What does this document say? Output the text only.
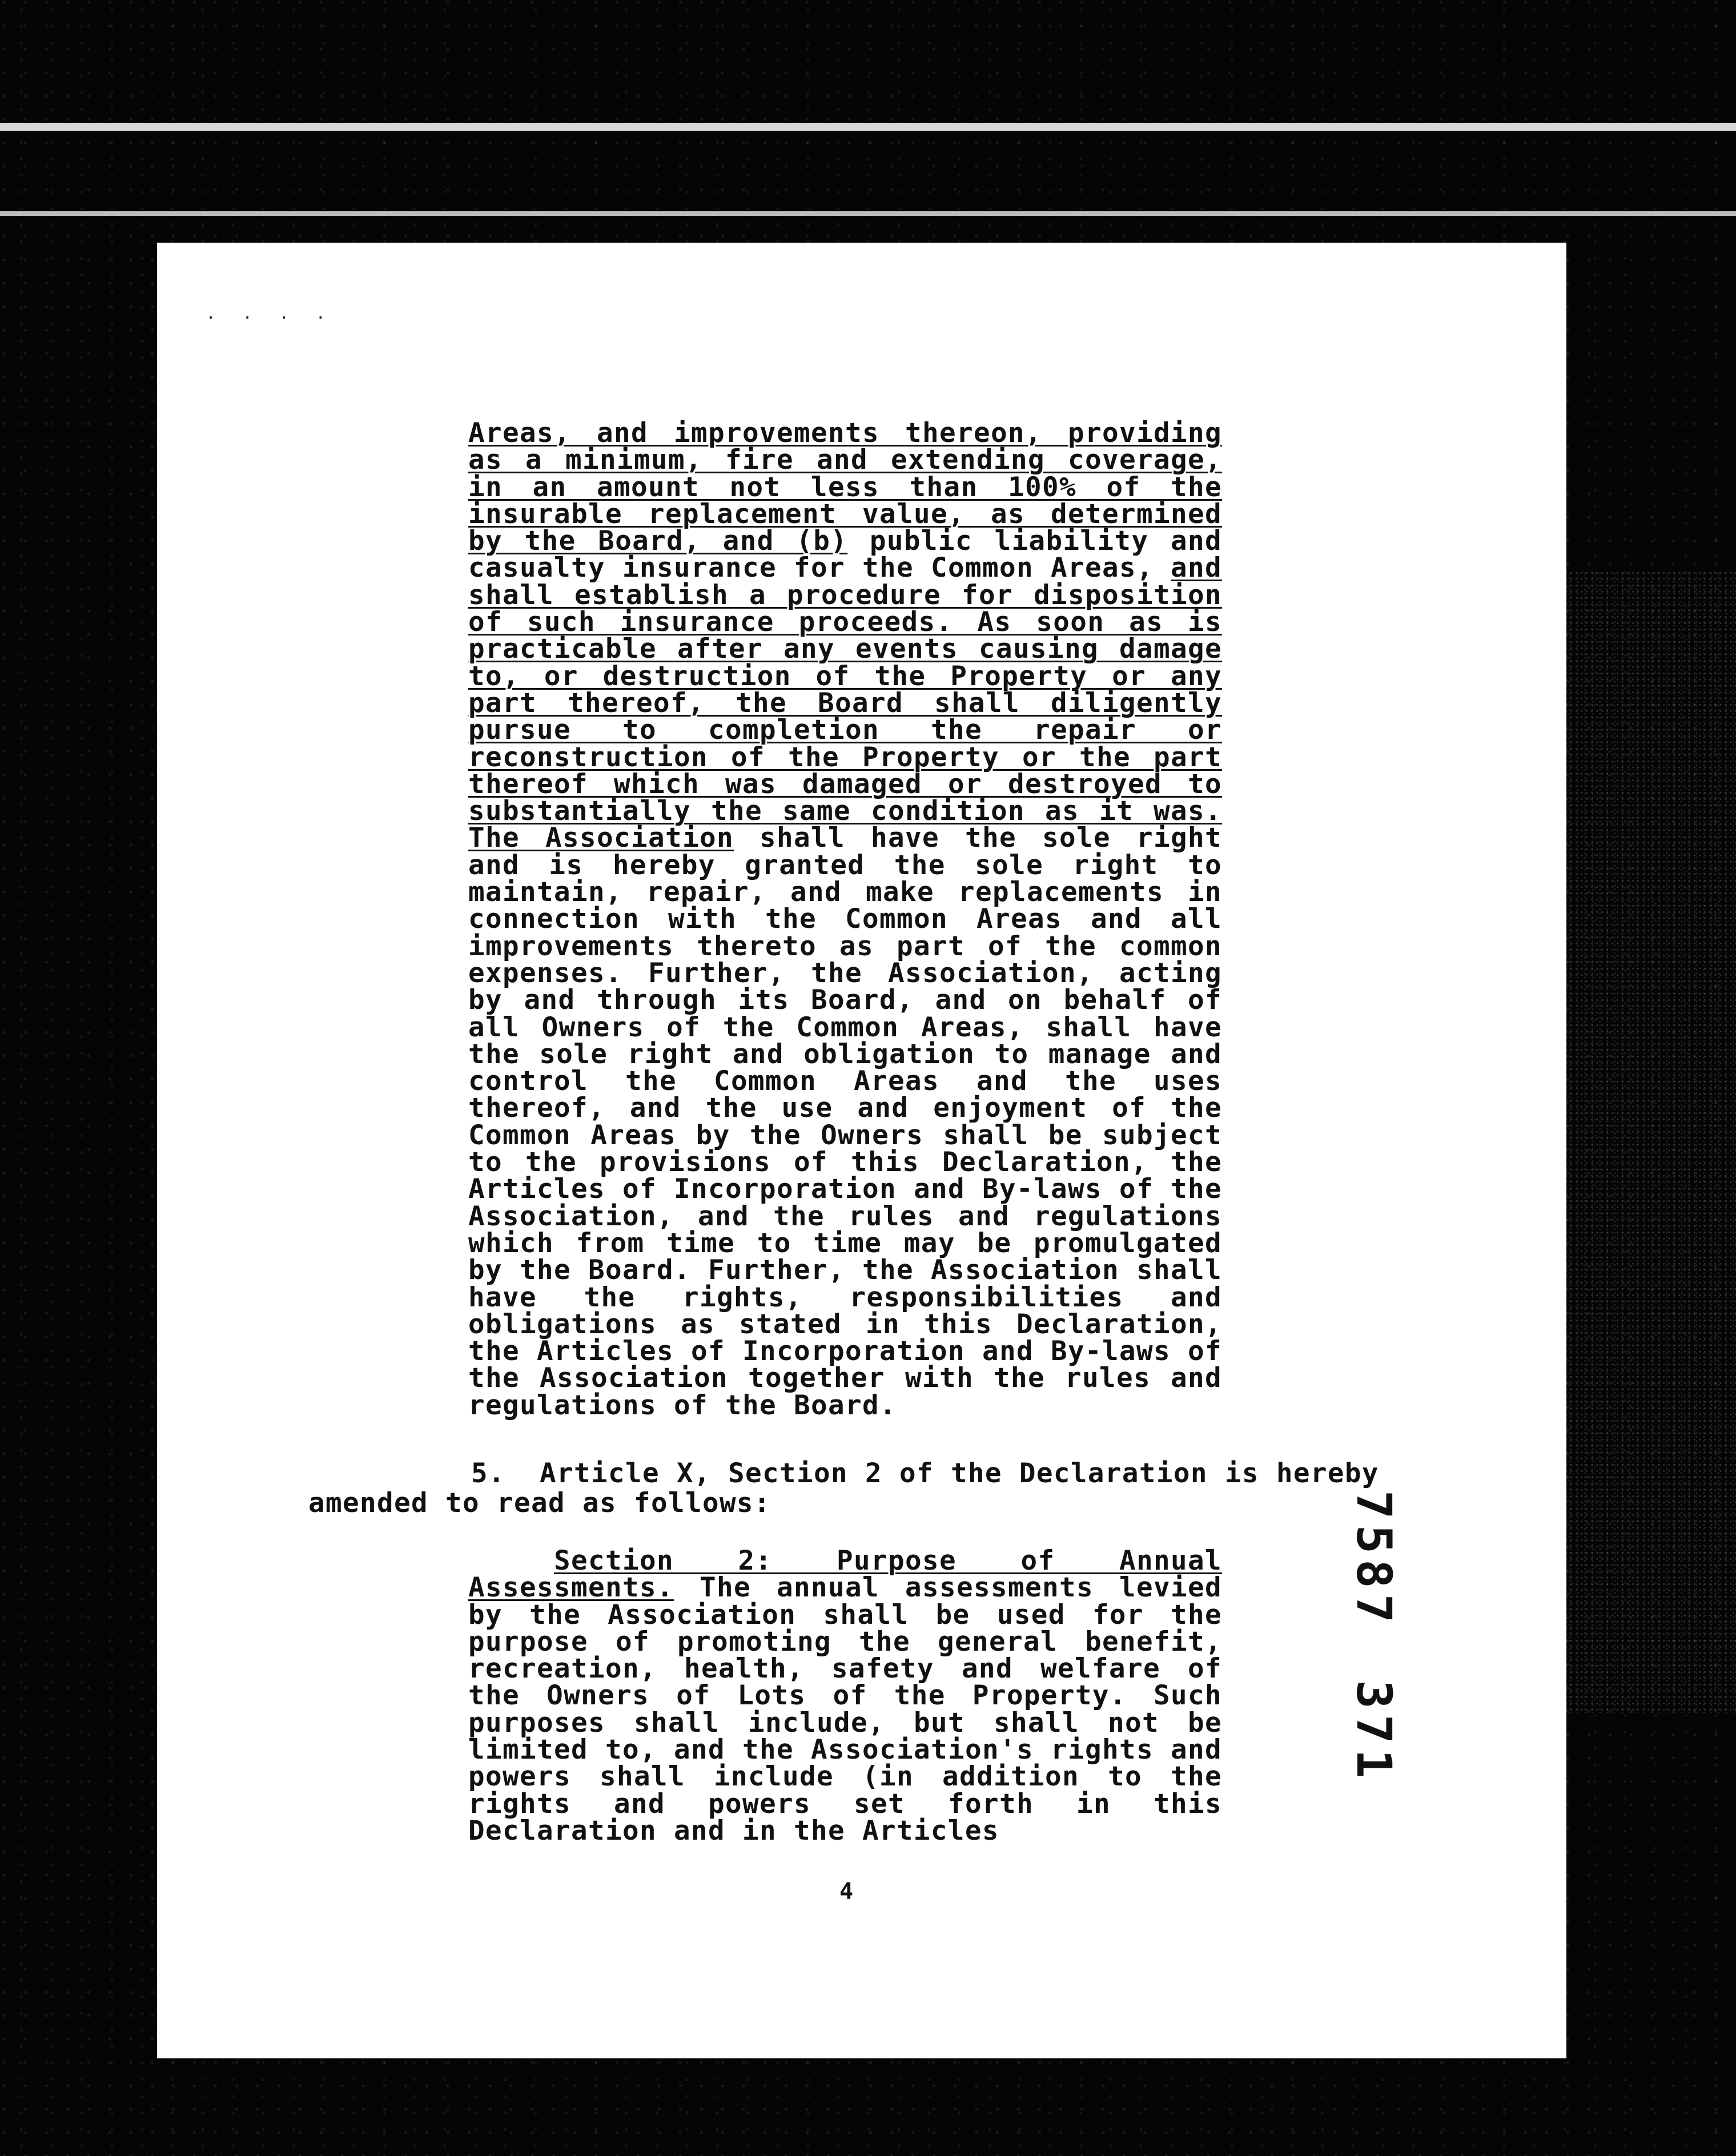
· · · ·
Areas, and improvements thereon, providing as a minimum, fire and extending coverage, in an amount not less than 100% of the insurable replacement value, as determined by the Board, and (b) public liability and casualty insurance for the Common Areas, and shall establish a procedure for disposition of such insurance proceeds. As soon as is practicable after any events causing damage to, or destruction of the Property or any part thereof, the Board shall diligently pursue to completion the repair or reconstruction of the Property or the part thereof which was damaged or destroyed to substantially the same condition as it was. The Association shall have the sole right and is hereby granted the sole right to maintain, repair, and make replacements in connection with the Common Areas and all improvements thereto as part of the common expenses. Further, the Association, acting by and through its Board, and on behalf of all Owners of the Common Areas, shall have the sole right and obligation to manage and control the Common Areas and the uses thereof, and the use and enjoyment of the Common Areas by the Owners shall be subject to the provisions of this Declaration, the Articles of Incorporation and By-laws of the Association, and the rules and regulations which from time to time may be promulgated by the Board. Further, the Association shall have the rights, responsibilities and obligations as stated in this Declaration, the Articles of Incorporation and By-laws of the Association together with the rules and regulations of the Board.
5. Article X, Section 2 of the Declaration is hereby
amended to read as follows:
Section 2: Purpose of Annual Assessments. The annual assessments levied by the Association shall be used for the purpose of promoting the general benefit, recreation, health, safety and welfare of the Owners of Lots of the Property. Such purposes shall include, but shall not be limited to, and the Association's rights and powers shall include (in addition to the rights and powers set forth in this Declaration and in the Articles
4
7587371
